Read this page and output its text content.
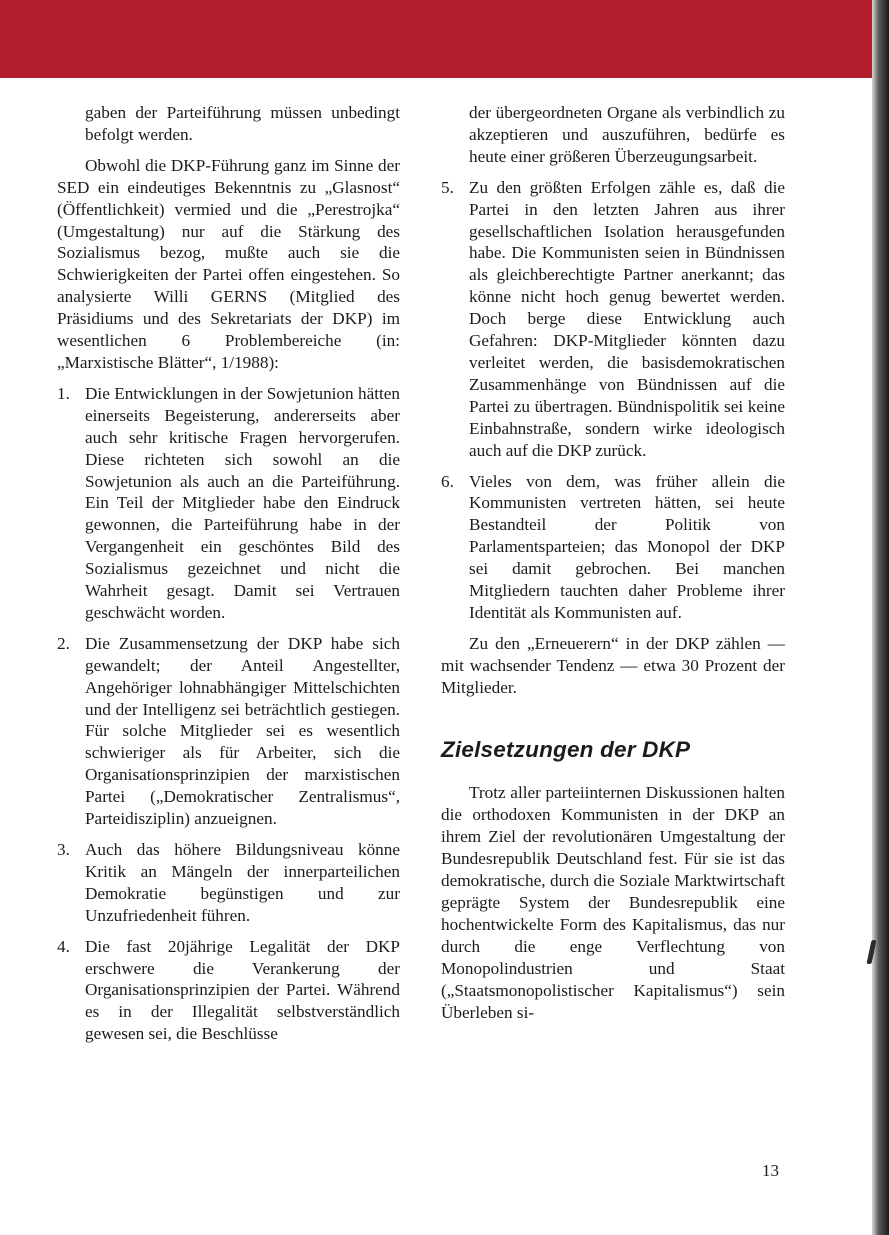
gaben der Parteiführung müssen unbedingt befolgt werden.

Obwohl die DKP-Führung ganz im Sinne der SED ein eindeutiges Bekenntnis zu „Glasnost“ (Öffentlichkeit) vermied und die „Perestrojka“ (Umgestaltung) nur auf die Stärkung des Sozialismus bezog, mußte auch sie die Schwierigkeiten der Partei offen eingestehen. So analysierte Willi GERNS (Mitglied des Präsidiums und des Sekretariats der DKP) im wesentlichen 6 Problembereiche (in: „Marxistische Blätter“, 1/1988):

1. Die Entwicklungen in der Sowjetunion hätten einerseits Begeisterung, andererseits aber auch sehr kritische Fragen hervorgerufen. Diese richteten sich sowohl an die Sowjetunion als auch an die Parteiführung. Ein Teil der Mitglieder habe den Eindruck gewonnen, die Parteiführung habe in der Vergangenheit ein geschöntes Bild des Sozialismus gezeichnet und nicht die Wahrheit gesagt. Damit sei Vertrauen geschwächt worden.
2. Die Zusammensetzung der DKP habe sich gewandelt; der Anteil Angestellter, Angehöriger lohnabhängiger Mittelschichten und der Intelligenz sei beträchtlich gestiegen. Für solche Mitglieder sei es wesentlich schwieriger als für Arbeiter, sich die Organisationsprinzipien der marxistischen Partei („Demokratischer Zentralismus“, Parteidisziplin) anzueignen.
3. Auch das höhere Bildungsniveau könne Kritik an Mängeln der innerparteilichen Demokratie begünstigen und zur Unzufriedenheit führen.
4. Die fast 20jährige Legalität der DKP erschwere die Verankerung der Organisationsprinzipien der Partei. Während es in der Illegalität selbstverständlich gewesen sei, die Beschlüsse

der übergeordneten Organe als verbindlich zu akzeptieren und auszuführen, bedürfe es heute einer größeren Überzeugungsarbeit.

5. Zu den größten Erfolgen zähle es, daß die Partei in den letzten Jahren aus ihrer gesellschaftlichen Isolation herausgefunden habe. Die Kommunisten seien in Bündnissen als gleichberechtigte Partner anerkannt; das könne nicht hoch genug bewertet werden. Doch berge diese Entwicklung auch Gefahren: DKP-Mitglieder könnten dazu verleitet werden, die basisdemokratischen Zusammenhänge von Bündnissen auf die Partei zu übertragen. Bündnispolitik sei keine Einbahnstraße, sondern wirke ideologisch auch auf die DKP zurück.
6. Vieles von dem, was früher allein die Kommunisten vertreten hätten, sei heute Bestandteil der Politik von Parlamentsparteien; das Monopol der DKP sei damit gebrochen. Bei manchen Mitgliedern tauchten daher Probleme ihrer Identität als Kommunisten auf.

Zu den „Erneuerern“ in der DKP zählen — mit wachsender Tendenz — etwa 30 Prozent der Mitglieder.

Zielsetzungen der DKP

Trotz aller parteiinternen Diskussionen halten die orthodoxen Kommunisten in der DKP an ihrem Ziel der revolutionären Umgestaltung der Bundesrepublik Deutschland fest. Für sie ist das demokratische, durch die Soziale Marktwirtschaft geprägte System der Bundesrepublik eine hochentwickelte Form des Kapitalismus, das nur durch die enge Verflechtung von Monopolindustrien und Staat („Staatsmonopolistischer Kapitalismus“) sein Überleben si-

13
